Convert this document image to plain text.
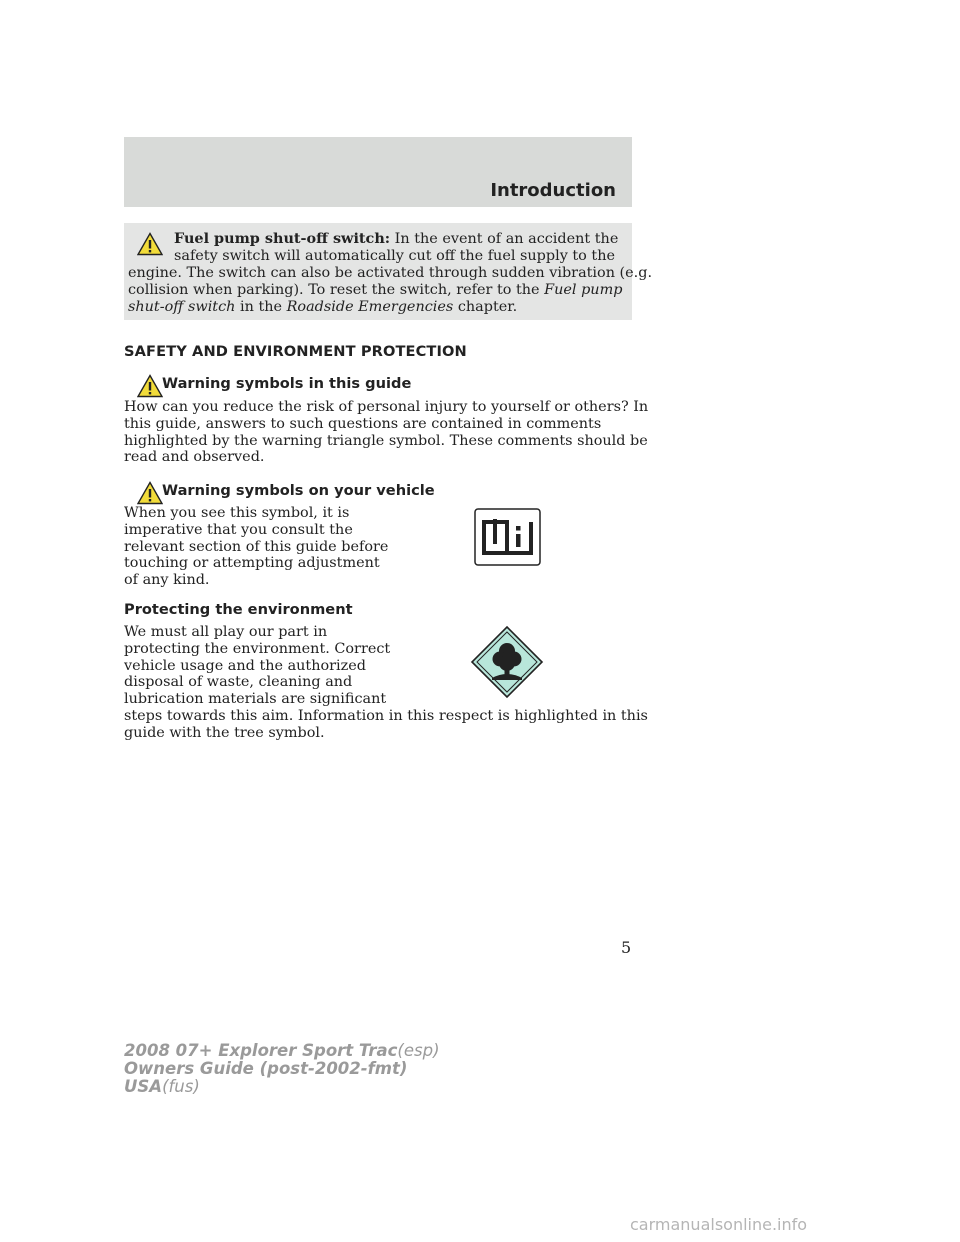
Introduction

Fuel pump shut-off switch: In the event of an accident the

safety switch will automatically cut off the fuel supply to the

engine. The switch can also be activated through sudden vibration (e.g.

collision when parking). To reset the switch, refer to the Fuel pump

shut-off switch in the Roadside Emergencies chapter.

SAFETY AND ENVIRONMENT PROTECTION
Warning symbols in this guide

How can you reduce the risk of personal injury to yourself or others? In

this guide, answers to such questions are contained in comments

highlighted by the warning triangle symbol. These comments should be

read and observed.

Warning symbols on your vehicle

When you see this symbol, it is

imperative that you consult the

relevant section of this guide before

touching or attempting adjustment

of any kind.

Protecting the environment

We must all play our part in

protecting the environment. Correct

vehicle usage and the authorized

disposal of waste, cleaning and

lubrication materials are significant

steps towards this aim. Information in this respect is highlighted in this

guide with the tree symbol.

5

2008 07+ Explorer Sport Trac(esp)

Owners Guide (post-2002-fmt)

USA(fus)

carmanualsonline.info
